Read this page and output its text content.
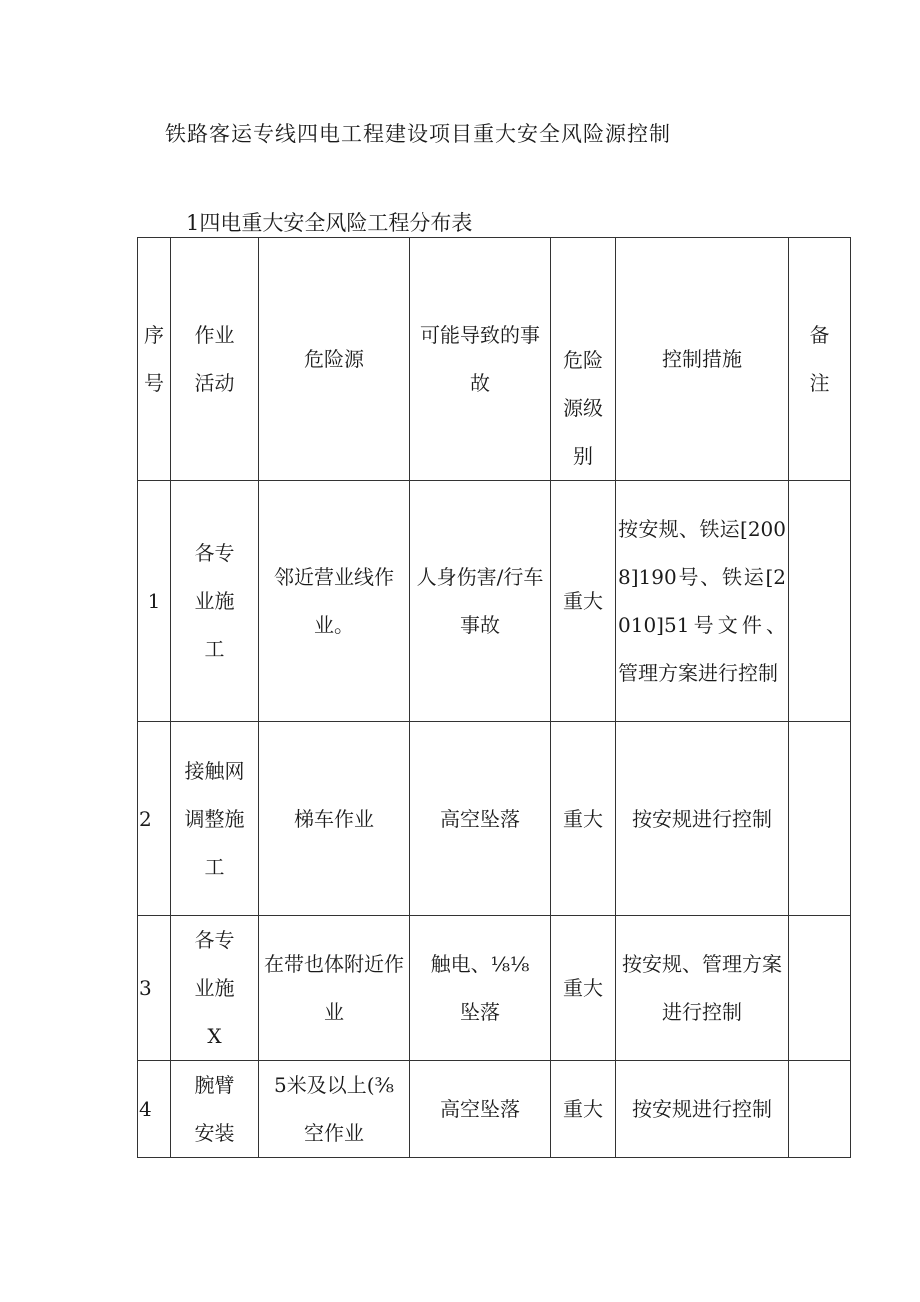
铁路客运专线四电工程建设项目重大安全风险源控制
1四电重大安全风险工程分布表
序号	作业活动	危险源	可能导致的事故	危险源级别	控制措施	备注

1	各专业施工	邻近营业线作业。	人身伤害/行车事故	重大	按安规、铁运[2008]190号、铁运[2010]51号文件、管理方案进行控制	

2	接触网调整施工	梯车作业	高空坠落	重大	按安规进行控制	

3	各专业施X	在带也体附近作业	触电、⅛⅛坠落	重大	按安规、管理方案进行控制	

4	腕臂安装	5米及以上(⅜空作业	高空坠落	重大	按安规进行控制	
